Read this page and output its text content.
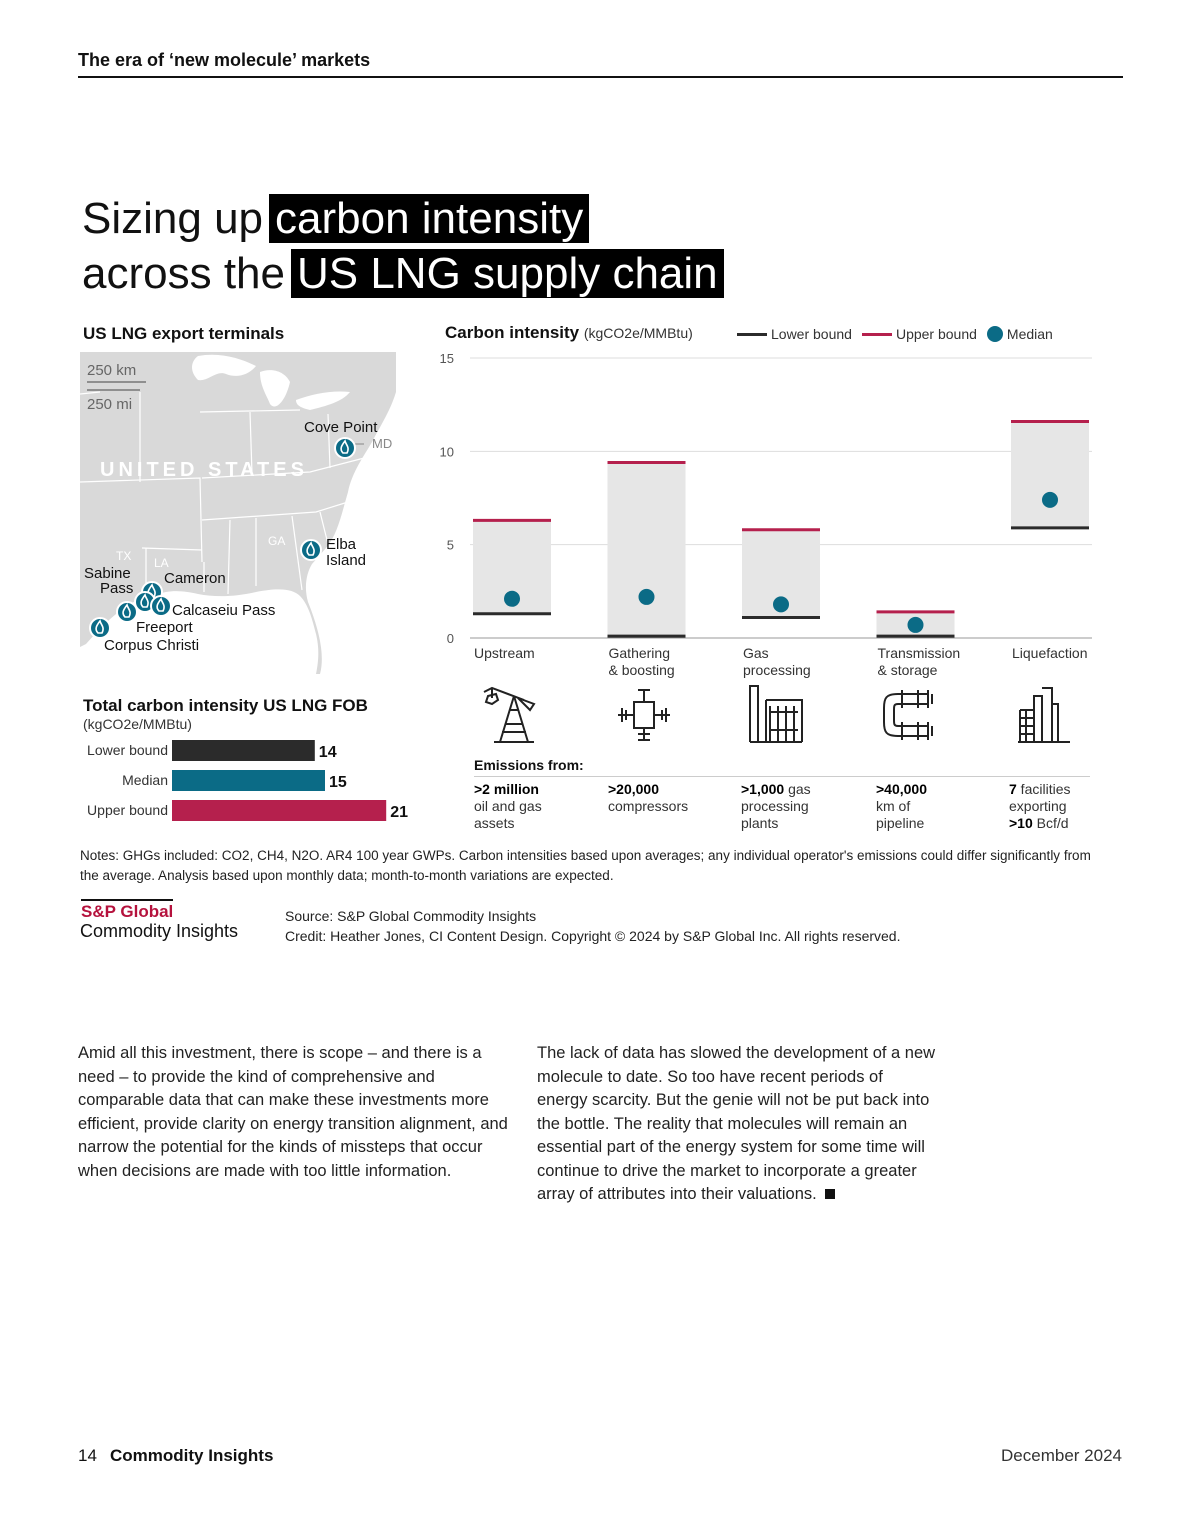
The era of ‘new molecule’ markets
Sizing up carbon intensity
across the US LNG supply chain
US LNG export terminals
250 km
250 mi
UNITED STATES
TX LA
GA
MD
Cove Point
Elba Island
Sabine Pass
Cameron
Calcaseiu Pass
Freeport
Corpus Christi
Carbon intensity (kgCO2e/MMBtu)	Lower bound	Upper bound Median
0
5
10
15
Upstream	Gathering
& boosting
Gas
processing
Transmission
& storage
Liquefaction
Emissions from:
>2 million
oil and gas
assets
>20,000
compressors
>1,000 gas
processing
plants
>40,000
km of
pipeline
7 facilities
exporting
>10 Bcf/d
Total carbon intensity US LNG FOB
(kgCO2e/MMBtu)
Lower bound	14
Median	15
Upper bound	21
Notes: GHGs included: CO2, CH4, N2O. AR4 100 year GWPs. Carbon intensities based upon averages; any individual operator's emissions could differ significantly from the average. Analysis based upon monthly data; month-to-month variations are expected.
S&P Global
Commodity Insights
Source: S&P Global Commodity Insights
Credit: Heather Jones, CI Content Design. Copyright © 2024 by S&P Global Inc. All rights reserved.
Amid all this investment, there is scope – and there is a need – to provide the kind of comprehensive and comparable data that can make these investments more efficient, provide clarity on energy transition alignment, and narrow the potential for the kinds of missteps that occur when decisions are made with too little information.
The lack of data has slowed the development of a new molecule to date. So too have recent periods of energy scarcity. But the genie will not be put back into the bottle. The reality that molecules will remain an essential part of the energy system for some time will continue to drive the market to incorporate a greater array of attributes into their valuations.
14 Commodity Insights	December 2024
